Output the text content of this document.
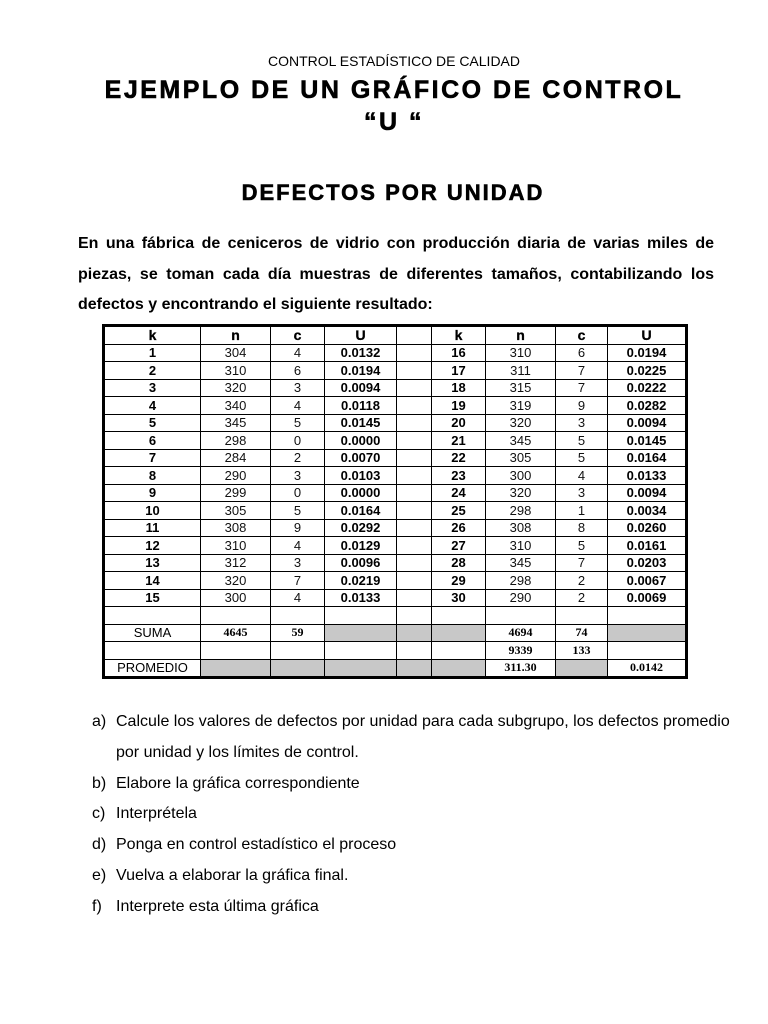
CONTROL ESTADÍSTICO DE CALIDAD
EJEMPLO DE UN GRÁFICO DE CONTROL
“U “
DEFECTOS POR UNIDAD

En una fábrica de ceniceros de vidrio con producción diaria de varias miles de piezas, se toman cada día muestras de diferentes tamaños, contabilizando los defectos y encontrando el siguiente resultado:

k	n	c	U		k	n	c	U
1	304	4	0.0132		16	310	6	0.0194
2	310	6	0.0194		17	311	7	0.0225
3	320	3	0.0094		18	315	7	0.0222
4	340	4	0.0118		19	319	9	0.0282
5	345	5	0.0145		20	320	3	0.0094
6	298	0	0.0000		21	345	5	0.0145
7	284	2	0.0070		22	305	5	0.0164
8	290	3	0.0103		23	300	4	0.0133
9	299	0	0.0000		24	320	3	0.0094
10	305	5	0.0164		25	298	1	0.0034
11	308	9	0.0292		26	308	8	0.0260
12	310	4	0.0129		27	310	5	0.0161
13	312	3	0.0096		28	345	7	0.0203
14	320	7	0.0219		29	298	2	0.0067
15	300	4	0.0133		30	290	2	0.0069

SUMA	4645	59				4694	74	
						9339	133	
PROMEDIO						311.30		0.0142
a) Calcule los valores de defectos por unidad para cada subgrupo, los defectos promedio por unidad y los límites de control.
b) Elabore la gráfica correspondiente
c) Interprételа
d) Ponga en control estadístico el proceso
e) Vuelva a elaborar la gráfica final.
f) Interprete esta última gráfica
